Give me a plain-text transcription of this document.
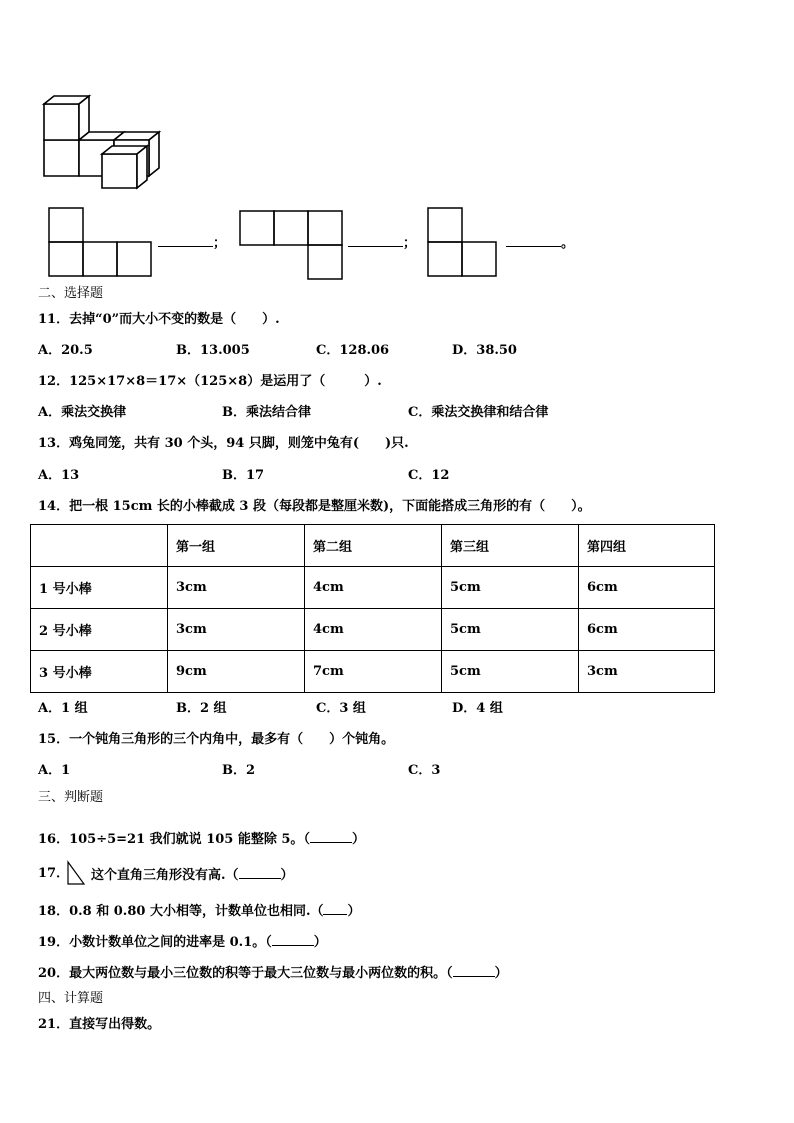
；	；	。
二、选择题
11．去掉“0”而大小不变的数是（　　）.
A．20.5	B．13.005	C．128.06	D．38.50
12．125×17×8＝17×（125×8）是运用了（　　　）.
A．乘法交换律	B．乘法结合律	C．乘法交换律和结合律
13．鸡兔同笼，共有 30 个头，94 只脚，则笼中兔有(　　)只.
A．13	B．17	C．12
14．把一根 15cm 长的小棒截成 3 段（每段都是整厘米数)，下面能搭成三角形的有（　　）。
	第一组	第二组	第三组	第四组
1 号小棒	3cm	4cm	5cm	6cm
2 号小棒	3cm	4cm	5cm	6cm
3 号小棒	9cm	7cm	5cm	3cm
A．1 组	B．2 组	C．3 组	D．4 组
15．一个钝角三角形的三个内角中，最多有（　　）个钝角。
A．1	B．2	C．3
三、判断题
16．105÷5=21 我们就说 105 能整除 5。（	）
17． 这个直角三角形没有高.（	）
18．0.8 和 0.80 大小相等，计数单位也相同.（ ）
19．小数计数单位之间的进率是 0.1。（	）
20．最大两位数与最小三位数的积等于最大三位数与最小两位数的积。（	）
四、计算题
21．直接写出得数。
